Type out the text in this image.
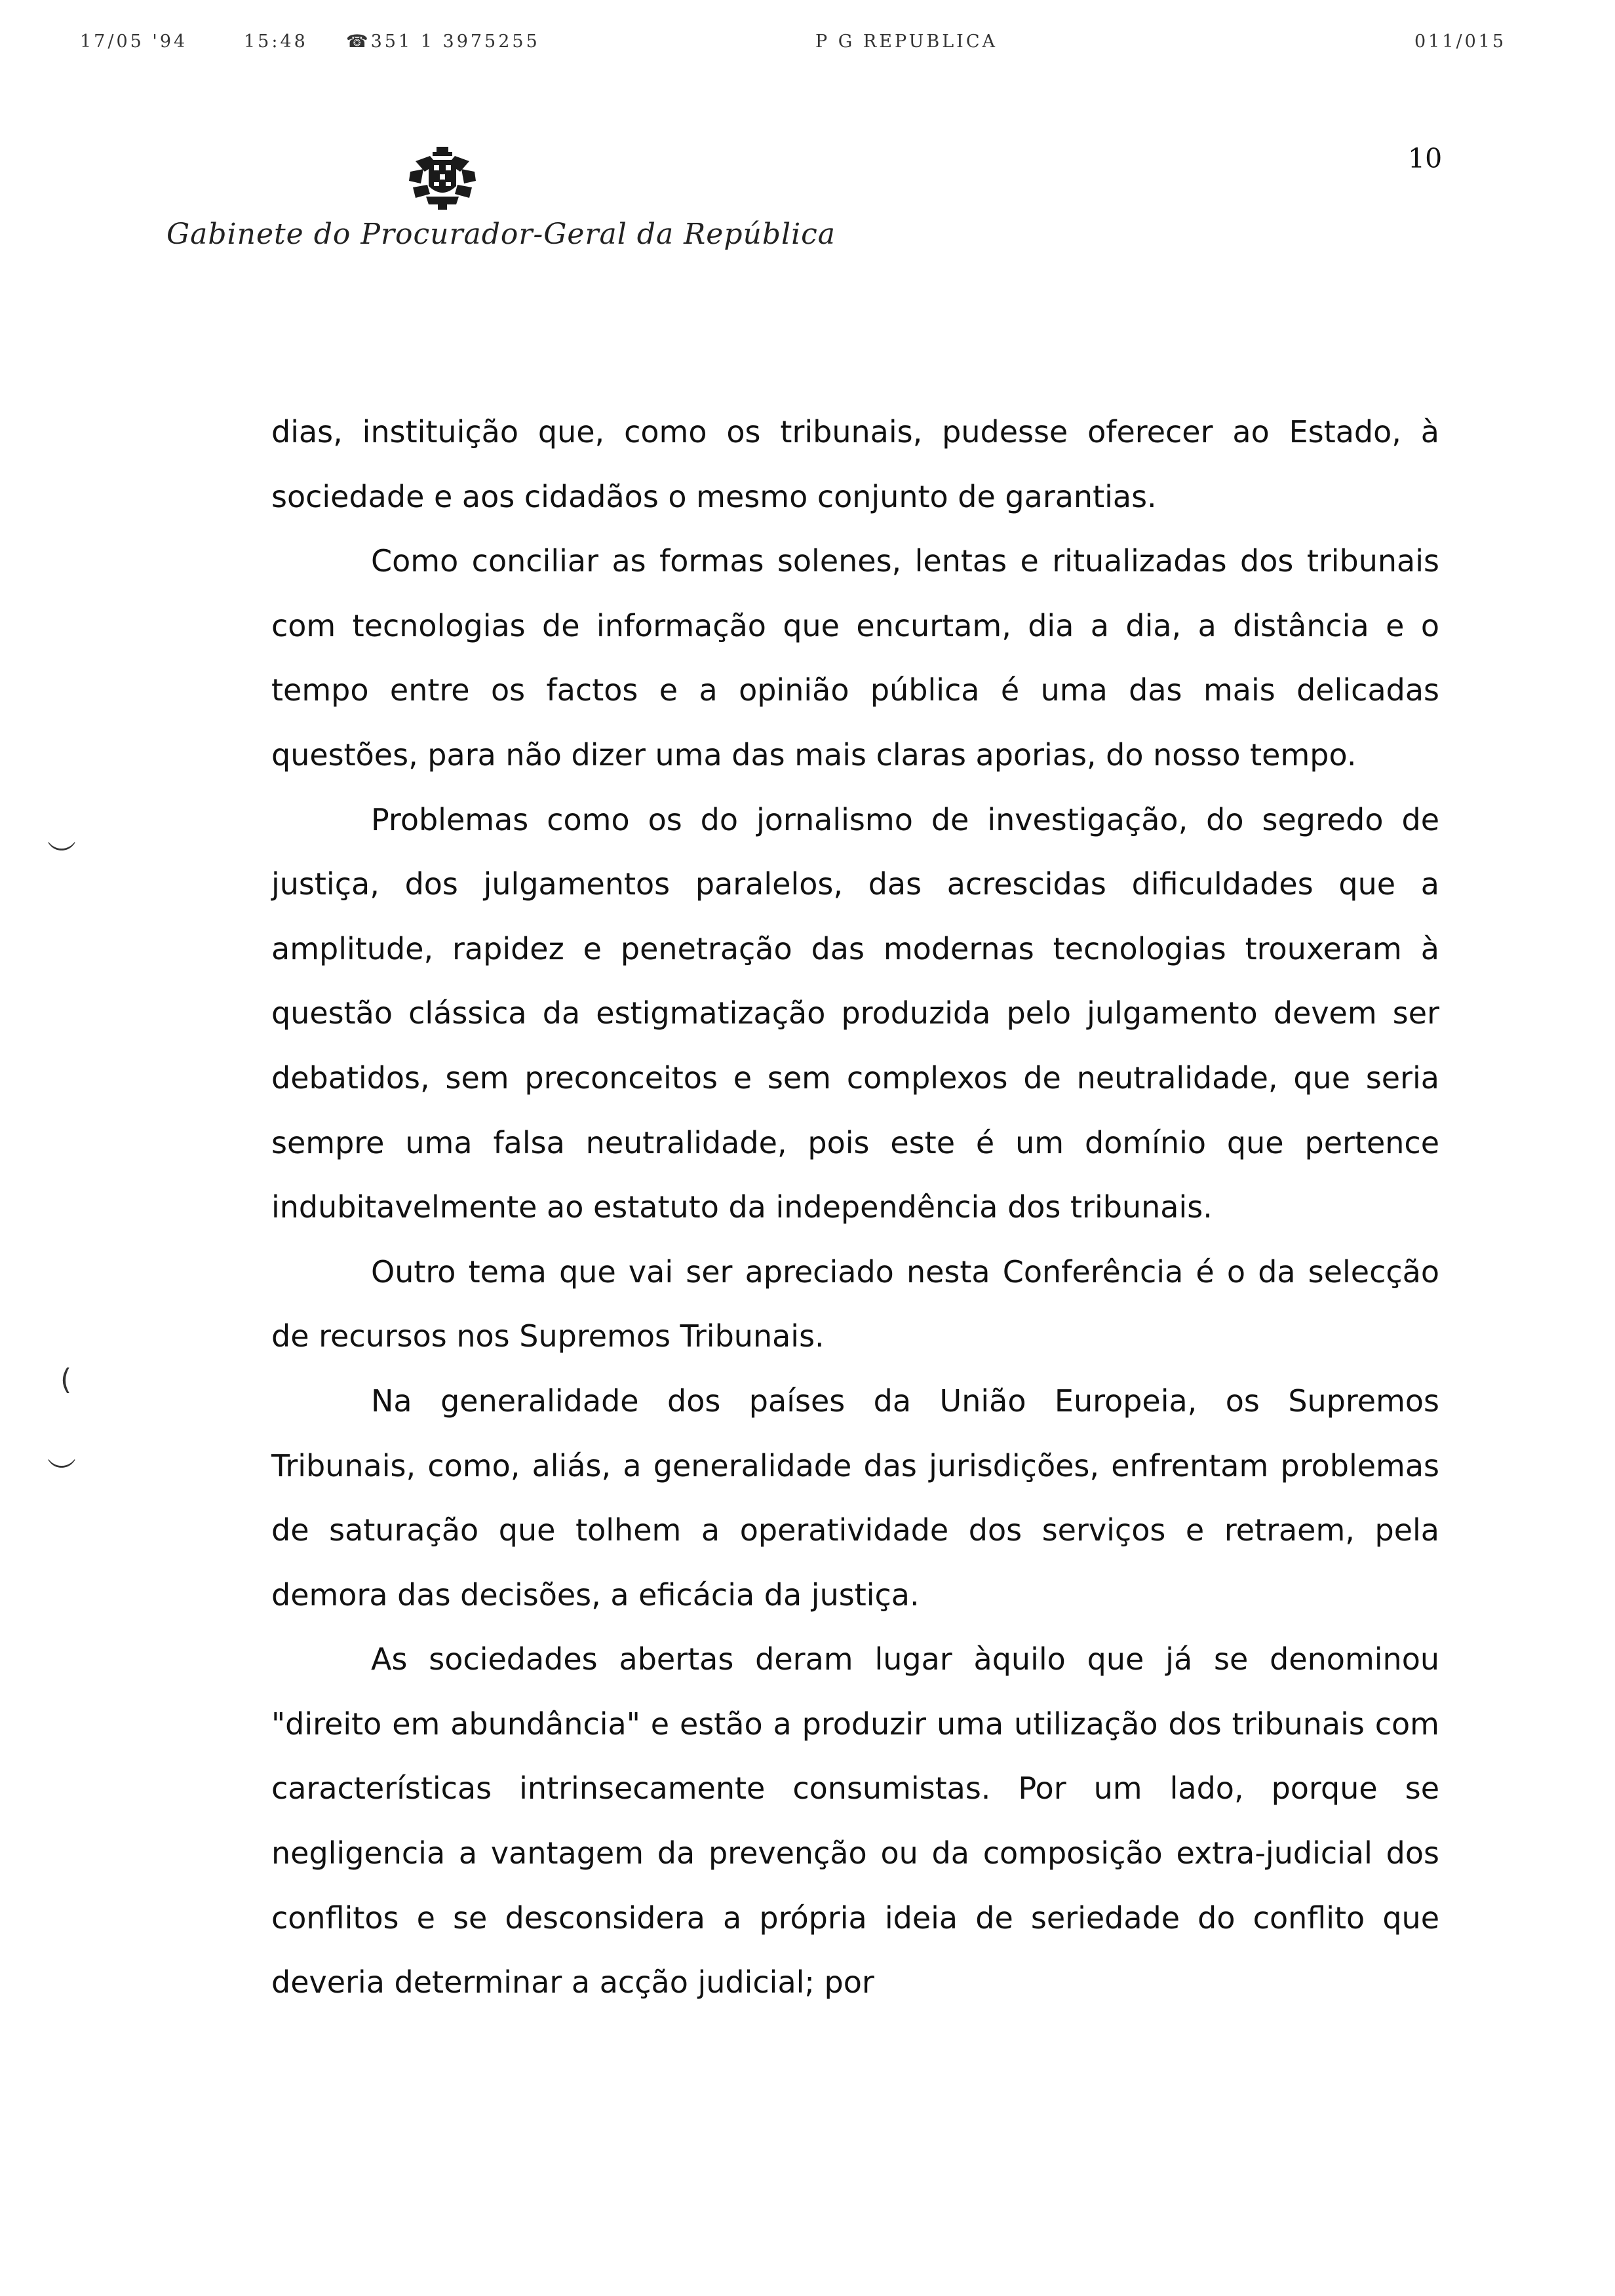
17/05 '94	15:48 ☎351 1 3975255	P G REPUBLICA	011/015
10
Gabinete do Procurador-Geral da República
︶
(
︶

dias, instituição que, como os tribunais, pudesse oferecer ao Estado, à sociedade e aos cidadãos o mesmo conjunto de garantias.

Como conciliar as formas solenes, lentas e ritualizadas dos tribunais com tecnologias de informação que encurtam, dia a dia, a distância e o tempo entre os factos e a opinião pública é uma das mais delicadas questões, para não dizer uma das mais claras aporias, do nosso tempo.

Problemas como os do jornalismo de investigação, do segredo de justiça, dos julgamentos paralelos, das acrescidas dificuldades que a amplitude, rapidez e penetração das modernas tecnologias trouxeram à questão clássica da estigmatização produzida pelo julgamento devem ser debatidos, sem preconceitos e sem complexos de neutralidade, que seria sempre uma falsa neutralidade, pois este é um domínio que pertence indubitavelmente ao estatuto da independência dos tribunais.

Outro tema que vai ser apreciado nesta Conferência é o da selecção de recursos nos Supremos Tribunais.

Na generalidade dos países da União Europeia, os Supremos Tribunais, como, aliás, a generalidade das jurisdições, enfrentam problemas de saturação que tolhem a operatividade dos serviços e retraem, pela demora das decisões, a eficácia da justiça.

As sociedades abertas deram lugar àquilo que já se denominou "direito em abundância" e estão a produzir uma utilização dos tribunais com características intrinsecamente consumistas. Por um lado, porque se negligencia a vantagem da prevenção ou da composição extra-judicial dos conflitos e se desconsidera a própria ideia de seriedade do conflito que deveria determinar a acção judicial; por
